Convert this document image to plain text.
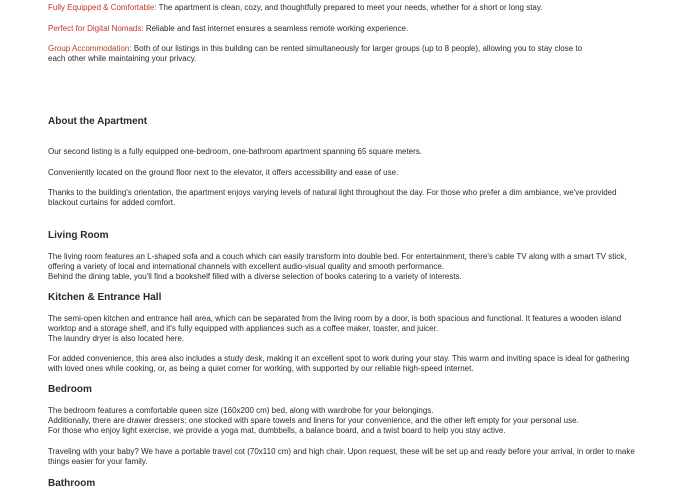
Fully Equipped & Comfortable: The apartment is clean, cozy, and thoughtfully prepared to meet your needs, whether for a short or long stay.

Perfect for Digital Nomads: Reliable and fast internet ensures a seamless remote working experience.

Group Accommodation: Both of our listings in this building can be rented simultaneously for larger groups (up to 8 people), allowing you to stay close to
each other while maintaining your privacy.

About the Apartment

Our second listing is a fully equipped one-bedroom, one-bathroom apartment spanning 65 square meters.

Conveniently located on the ground floor next to the elevator, it offers accessibility and ease of use.

Thanks to the building's orientation, the apartment enjoys varying levels of natural light throughout the day. For those who prefer a dim ambiance, we've provided
blackout curtains for added comfort.

Living Room

The living room features an L-shaped sofa and a couch which can easily transform into double bed. For entertainment, there's cable TV along with a smart TV stick,
offering a variety of local and international channels with excellent audio-visual quality and smooth performance.
Behind the dining table, you'll find a bookshelf filled with a diverse selection of books catering to a variety of interests.

Kitchen & Entrance Hall

The semi-open kitchen and entrance hall area, which can be separated from the living room by a door, is both spacious and functional. It features a wooden island
worktop and a storage shelf, and it's fully equipped with appliances such as a coffee maker, toaster, and juicer.
The laundry dryer is also located here.

For added convenience, this area also includes a study desk, making it an excellent spot to work during your stay. This warm and inviting space is ideal for gathering
with loved ones while cooking, or, as being a quiet corner for working, with supported by our reliable high-speed internet.

Bedroom

The bedroom features a comfortable queen size (160x200 cm) bed, along with wardrobe for your belongings.
Additionally, there are drawer dressers: one stocked with spare towels and linens for your convenience, and the other left empty for your personal use.
For those who enjoy light exercise, we provide a yoga mat, dumbbells, a balance board, and a twist board to help you stay active.

Traveling with your baby? We have a portable travel cot (70x110 cm) and high chair. Upon request, these will be set up and ready before your arrival, in order to make
things easier for your family.

Bathroom
